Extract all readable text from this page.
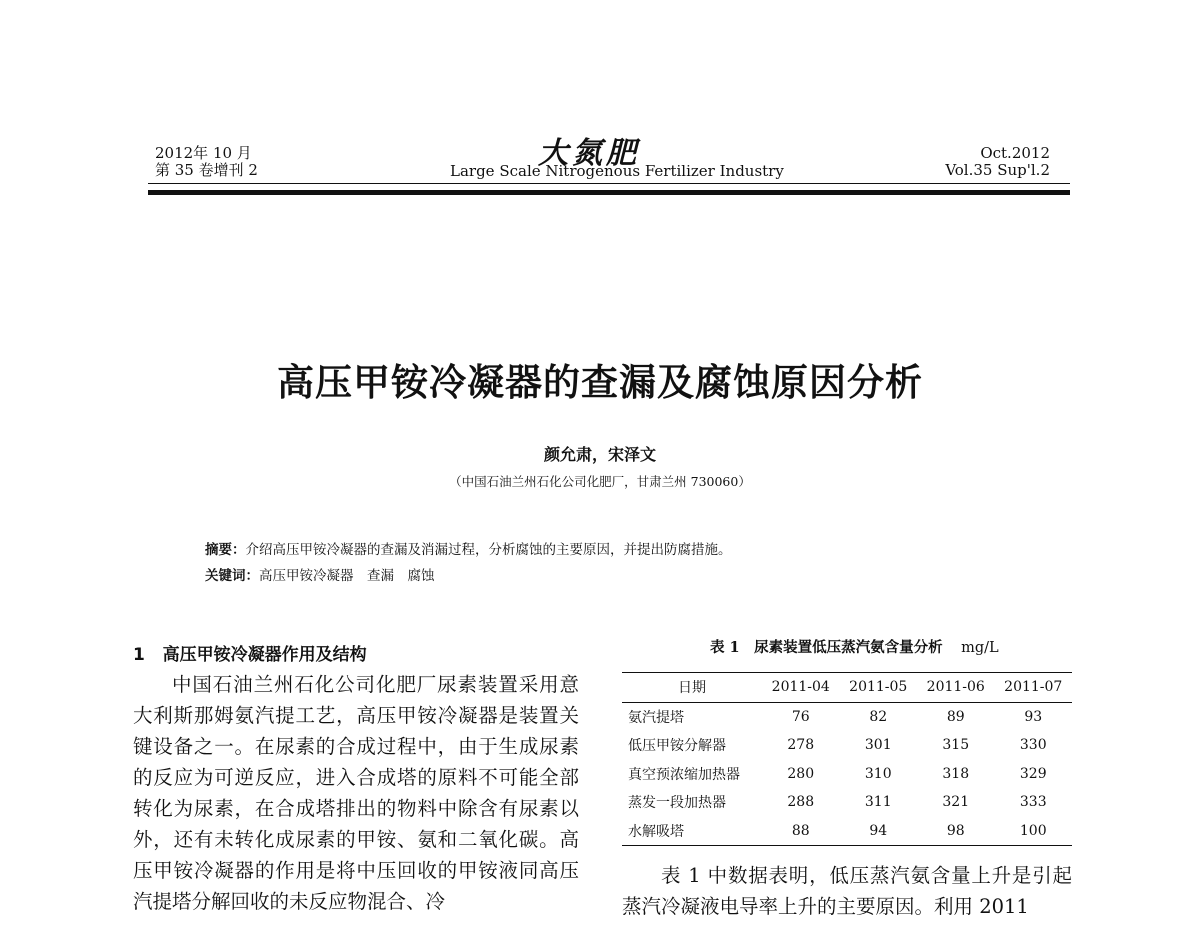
2012年 10 月
第 35 卷增刊 2	大氮肥
Large Scale Nitrogenous Fertilizer Industry
Oct.2012
Vol.35 Sup'l.2
高压甲铵冷凝器的查漏及腐蚀原因分析
颜允肃，宋泽文
（中国石油兰州石化公司化肥厂，甘肃兰州 730060）
摘要：介绍高压甲铵冷凝器的查漏及消漏过程，分析腐蚀的主要原因，并提出防腐措施。
关键词：高压甲铵冷凝器　查漏　腐蚀
1 高压甲铵冷凝器作用及结构

中国石油兰州石化公司化肥厂尿素装置采用意大利斯那姆氨汽提工艺，高压甲铵冷凝器是装置关键设备之一。在尿素的合成过程中，由于生成尿素的反应为可逆反应，进入合成塔的原料不可能全部转化为尿素，在合成塔排出的物料中除含有尿素以外，还有未转化成尿素的甲铵、氨和二氧化碳。高压甲铵冷凝器的作用是将中压回收的甲铵液同高压汽提塔分解回收的未反应物混合、冷

表 1　尿素装置低压蒸汽氨含量分析 mg/L
日期	2011-04	2011-05	2011-06	2011-07
氨汽提塔	76	82	89	93
低压甲铵分解器	278	301	315	330
真空预浓缩加热器	280	310	318	329
蒸发一段加热器	288	311	321	333
水解吸塔	88	94	98	100
表 1 中数据表明，低压蒸汽氨含量上升是引起蒸汽冷凝液电导率上升的主要原因。利用 2011
